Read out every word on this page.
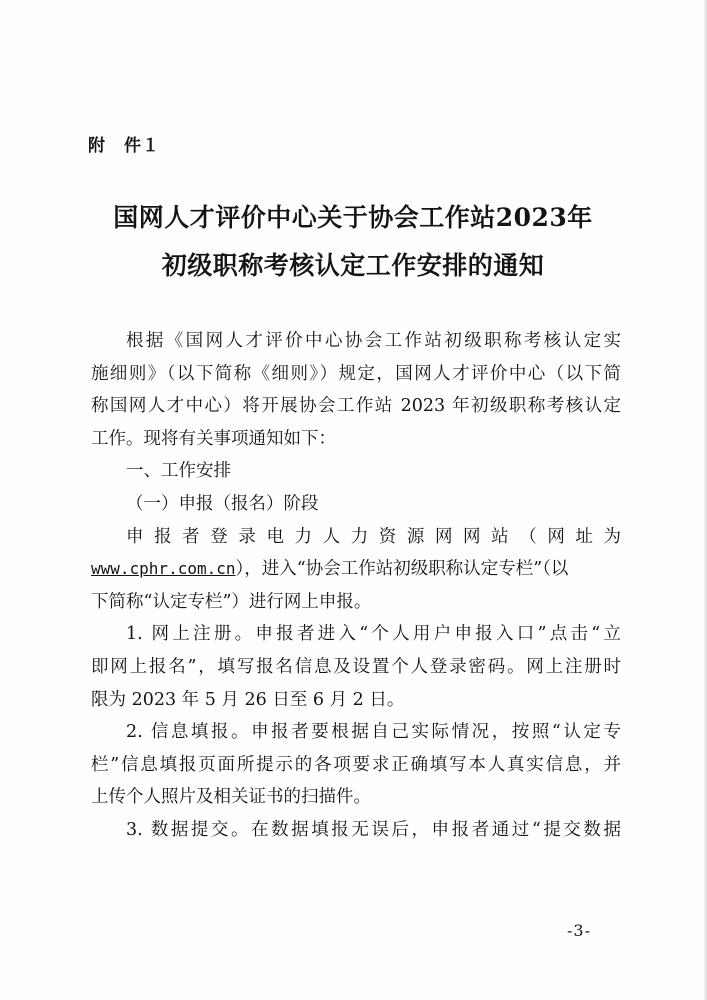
附　件１
国网人才评价中心关于协会工作站2023年
初级职称考核认定工作安排的通知
根据《国网人才评价中心协会工作站初级职称考核认定实
施细则》（以下简称《细则》）规定，国网人才评价中心（以下简
称国网人才中心）将开展协会工作站 2023 年初级职称考核认定
工作。现将有关事项通知如下：
一、工作安排
（一）申报（报名）阶段
申报者登录电力人力资源网网站（网址为
www.cphr.com.cn），进入“协会工作站初级职称认定专栏”（以
下简称“认定专栏”）进行网上申报。
1. 网上注册。申报者进入“个人用户申报入口”点击“立
即网上报名”，填写报名信息及设置个人登录密码。网上注册时
限为 2023 年 5 月 26 日至 6 月 2 日。
2. 信息填报。申报者要根据自己实际情况，按照“认定专
栏”信息填报页面所提示的各项要求正确填写本人真实信息，并
上传个人照片及相关证书的扫描件。
3. 数据提交。在数据填报无误后，申报者通过“提交数据
-3-
